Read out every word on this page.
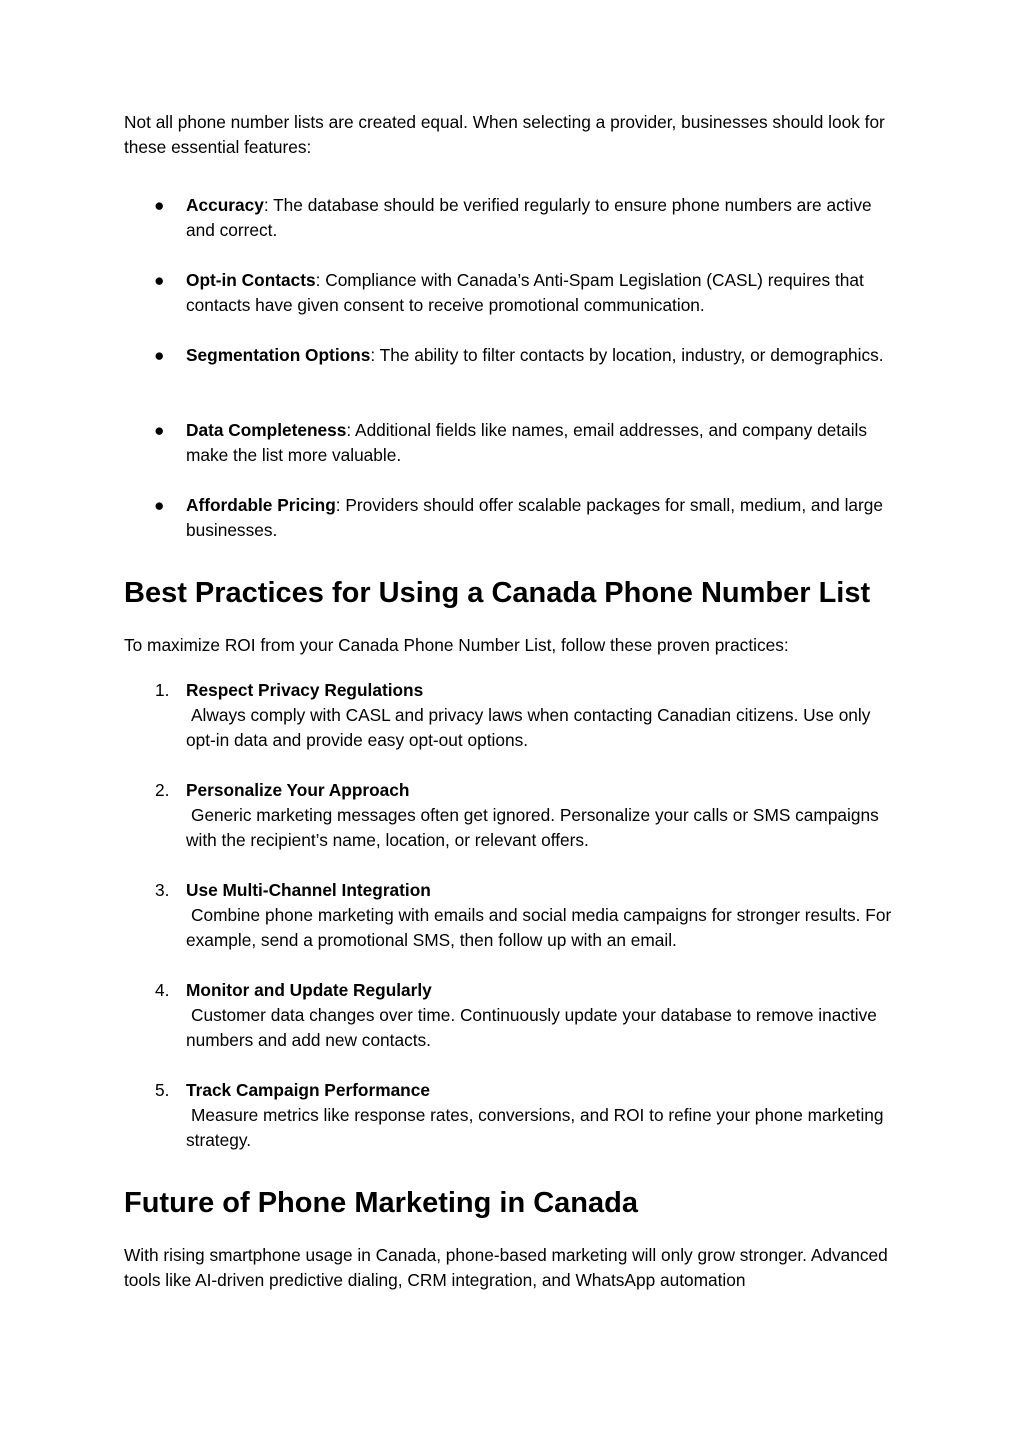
Not all phone number lists are created equal. When selecting a provider, businesses should look for these essential features:

● Accuracy: The database should be verified regularly to ensure phone numbers are active and correct.
● Opt-in Contacts: Compliance with Canada’s Anti-Spam Legislation (CASL) requires that contacts have given consent to receive promotional communication.
● Segmentation Options: The ability to filter contacts by location, industry, or demographics.
● Data Completeness: Additional fields like names, email addresses, and company details make the list more valuable.
● Affordable Pricing: Providers should offer scalable packages for small, medium, and large businesses.
Best Practices for Using a Canada Phone Number List

To maximize ROI from your Canada Phone Number List, follow these proven practices:

1. Respect Privacy Regulations
Always comply with CASL and privacy laws when contacting Canadian citizens. Use only opt-in data and provide easy opt-out options.
2. Personalize Your Approach
Generic marketing messages often get ignored. Personalize your calls or SMS campaigns with the recipient’s name, location, or relevant offers.
3. Use Multi-Channel Integration
Combine phone marketing with emails and social media campaigns for stronger results. For example, send a promotional SMS, then follow up with an email.
4. Monitor and Update Regularly
Customer data changes over time. Continuously update your database to remove inactive numbers and add new contacts.
5. Track Campaign Performance
Measure metrics like response rates, conversions, and ROI to refine your phone marketing strategy.
Future of Phone Marketing in Canada

With rising smartphone usage in Canada, phone-based marketing will only grow stronger. Advanced tools like AI-driven predictive dialing, CRM integration, and WhatsApp automation
